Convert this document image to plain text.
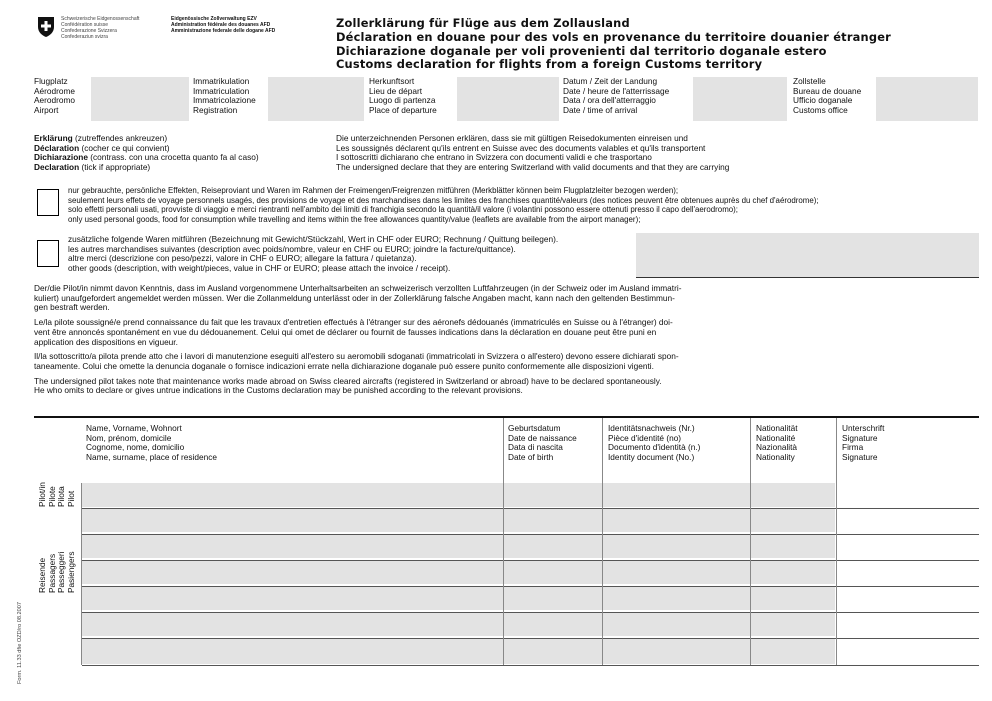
Schweizerische Eidgenossenschaft
Confédération suisse
Confederazione Svizzera
Confederaziun svizra
Eidgenössische Zollverwaltung EZV
Administration fédérale des douanes AFD
Amministrazione federale delle dogane AFD
Zollerklärung für Flüge aus dem Zollausland
Déclaration en douane pour des vols en provenance du territoire douanier étranger
Dichiarazione doganale per voli provenienti dal territorio doganale estero
Customs declaration for flights from a foreign Customs territory
Flugplatz
Aérodrome
Aerodromo
Airport
Immatrikulation
Immatriculation
Immatricolazione
Registration
Herkunftsort
Lieu de départ
Luogo di partenza
Place of departure
Datum / Zeit der Landung
Date / heure de l'atterrissage
Data / ora dell'atterraggio
Date / time of arrival
Zollstelle
Bureau de douane
Ufficio doganale
Customs office
Erklärung (zutreffendes ankreuzen)
Déclaration (cocher ce qui convient)
Dichiarazione (contrass. con una crocetta quanto fa al caso)
Declaration (tick if appropriate)
Die unterzeichnenden Personen erklären, dass sie mit gültigen Reisedokumenten einreisen und
Les soussignés déclarent qu'ils entrent en Suisse avec des documents valables et qu'ils transportent
I sottoscritti dichiarano che entrano in Svizzera con documenti validi e che trasportano
The undersigned declare that they are entering Switzerland with valid documents and that they are carrying
nur gebrauchte, persönliche Effekten, Reiseproviant und Waren im Rahmen der Freimengen/Freigrenzen mitführen (Merkblätter können beim Flugplatzleiter bezogen werden);
seulement leurs effets de voyage personnels usagés, des provisions de voyage et des marchandises dans les limites des franchises quantité/valeurs (des notices peuvent être obtenues auprès du chef d'aérodrome);
solo effetti personali usati, provviste di viaggio e merci rientranti nell'ambito dei limiti di franchigia secondo la quantità/il valore (i volantini possono essere ottenuti presso il capo dell'aerodromo);
only used personal goods, food for consumption while travelling and items within the free allowances quantity/value (leaflets are available from the airport manager);
zusätzliche folgende Waren mitführen (Bezeichnung mit Gewicht/Stückzahl, Wert in CHF oder EURO; Rechnung / Quittung beilegen).
les autres marchandises suivantes (description avec poids/nombre, valeur en CHF ou EURO; joindre la facture/quittance).
altre merci (descrizione con peso/pezzi, valore in CHF o EURO; allegare la fattura / quietanza).
other goods (description, with weight/pieces, value in CHF or EURO; please attach the invoice / receipt).
Der/die Pilot/in nimmt davon Kenntnis, dass im Ausland vorgenommene Unterhaltsarbeiten an schweizerisch verzollten Luftfahrzeugen (in der Schweiz oder im Ausland immatri-
kuliert) unaufgefordert angemeldet werden müssen. Wer die Zollanmeldung unterlässt oder in der Zollerklärung falsche Angaben macht, kann nach den geltenden Bestimmun-
gen bestraft werden.
Le/la pilote soussigné/e prend connaissance du fait que les travaux d'entretien effectués à l'étranger sur des aéronefs dédouanés (immatriculés en Suisse ou à l'étranger) doi-
vent être annoncés spontanément en vue du dédouanement. Celui qui omet de déclarer ou fournit de fausses indications dans la déclaration en douane peut être puni en
application des dispositions en vigueur.
Il/la sottoscritto/a pilota prende atto che i lavori di manutenzione eseguiti all'estero su aeromobili sdoganati (immatricolati in Svizzera o all'estero) devono essere dichiarati spon-
taneamente. Colui che omette la denuncia doganale o fornisce indicazioni errate nella dichiarazione doganale può essere punito conformemente alle disposizioni vigenti.
The undersigned pilot takes note that maintenance works made abroad on Swiss cleared aircrafts (registered in Switzerland or abroad) have to be declared spontaneously.
He who omits to declare or gives untrue indications in the Customs declaration may be punished according to the relevant provisions.
Name, Vorname, Wohnort
Nom, prénom, domicile
Cognome, nome, domicilio
Name, surname, place of residence
Geburtsdatum
Date de naissance
Data di nascita
Date of birth
Identitätsnachweis (Nr.)
Pièce d'identité (no)
Documento d'identità (n.)
Identity document (No.)
Nationalität
Nationalité
Nazionalità
Nationality
Unterschrift
Signature
Firma
Signature
Pilot/in Pilote Pilota Pilot
Reisende Passagers Passeggeri Pasiengers
Form. 11.33 dfie OZD/ro 08.2007
